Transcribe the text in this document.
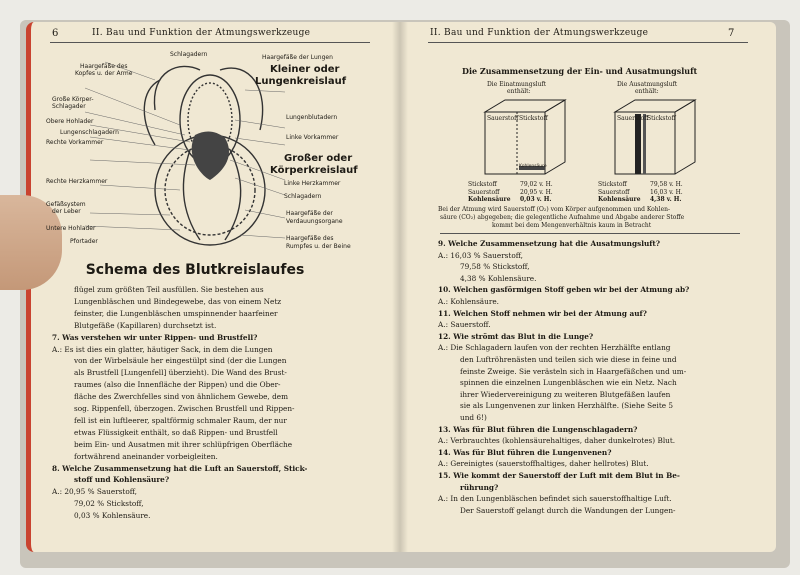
6	II. Bau und Funktion der Atmungswerkzeuge
Schlagadern	Haargefäße der Lungen
Haargefäße des
Kopfes u. der Arme	Kleiner oder
Lungenkreislauf
Große Körper-
Schlagader
Lungenblutadern
Obere Hohlader
Lungenschlagadern
Linke Vorkammer
Rechte Vorkammer
Großer oder
Körperkreislauf
Rechte Herzkammer	Linke Herzkammer
Schlagadern
Gefäßsystem
der Leber	Haargefäße der
Verdauungsorgane
Untere Hohlader
Pfortader	Haargefäße des
Rumpfes u. der Beine
Schema des Blutkreislaufes
flügel zum größten Teil ausfüllen. Sie bestehen aus
Lungenbläschen und Bindegewebe, das von einem Netz
feinster, die Lungenbläschen umspinnender haarfeiner
Blutgefäße (Kapillaren) durchsetzt ist.
7. Was verstehen wir unter Rippen- und Brustfell?
A.: Es ist dies ein glatter, häutiger Sack, in dem die Lungen
von der Wirbelsäule her eingestülpt sind (der die Lungen
als Brustfell [Lungenfell] überzieht). Die Wand des Brust-
raumes (also die Innenfläche der Rippen) und die Ober-
fläche des Zwerchfelles sind von ähnlichem Gewebe, dem
sog. Rippenfell, überzogen. Zwischen Brustfell und Rippen-
fell ist ein luftleerer, spaltförmig schmaler Raum, der nur
etwas Flüssigkeit enthält, so daß Rippen- und Brustfell
beim Ein- und Ausatmen mit ihrer schlüpfrigen Oberfläche
fortwährend aneinander vorbeigleiten.
8. Welche Zusammensetzung hat die Luft an Sauerstoff, Stick-
stoff und Kohlensäure?
A.: 20,95 % Sauerstoff,
79,02 % Stickstoff,
0,03 % Kohlensäure.
II. Bau und Funktion der Atmungswerkzeuge	7
Die Zusammensetzung der Ein- und Ausatmungsluft
Die Einatmungsluft
enthält:
Die Ausatmungsluft
enthält:
Sauerstoff Stickstoff
Kohlensäure
Sauerstoff
Stickstoff
Stickstoff	79,02 v. H.
Sauerstoff	20,95 v. H.
Kohlensäure 0,03 v. H.
Stickstoff	79,58 v. H.
Sauerstoff	16,03 v. H.
Kohlensäure 4,38 v. H.
Bei der Atmung wird Sauerstoff (O₂) vom Körper aufgenommen und Kohlen-
säure (CO₂) abgegeben; die gelegentliche Aufnahme und Abgabe anderer Stoffe
kommt bei dem Mengenverhältnis kaum in Betracht
9. Welche Zusammensetzung hat die Ausatmungsluft?
A.: 16,03 % Sauerstoff,
79,58 % Stickstoff,
4,38 % Kohlensäure.
10. Welchen gasförmigen Stoff geben wir bei der Atmung ab?
A.: Kohlensäure.
11. Welchen Stoff nehmen wir bei der Atmung auf?
A.: Sauerstoff.
12. Wie strömt das Blut in die Lunge?
A.: Die Schlagadern laufen von der rechten Herzhälfte entlang
den Luftröhrenästen und teilen sich wie diese in feine und
feinste Zweige. Sie verästeln sich in Haargefäßchen und um-
spinnen die einzelnen Lungenbläschen wie ein Netz. Nach
ihrer Wiedervereinigung zu weiteren Blutgefäßen laufen
sie als Lungenvenen zur linken Herzhälfte. (Siehe Seite 5
und 6!)
13. Was für Blut führen die Lungenschlagadern?
A.: Verbrauchtes (kohlensäurehaltiges, daher dunkelrotes) Blut.
14. Was für Blut führen die Lungenvenen?
A.: Gereinigtes (sauerstoffhaltiges, daher hellrotes) Blut.
15. Wie kommt der Sauerstoff der Luft mit dem Blut in Be-
rührung?
A.: In den Lungenbläschen befindet sich sauerstoffhaltige Luft.
Der Sauerstoff gelangt durch die Wandungen der Lungen-
